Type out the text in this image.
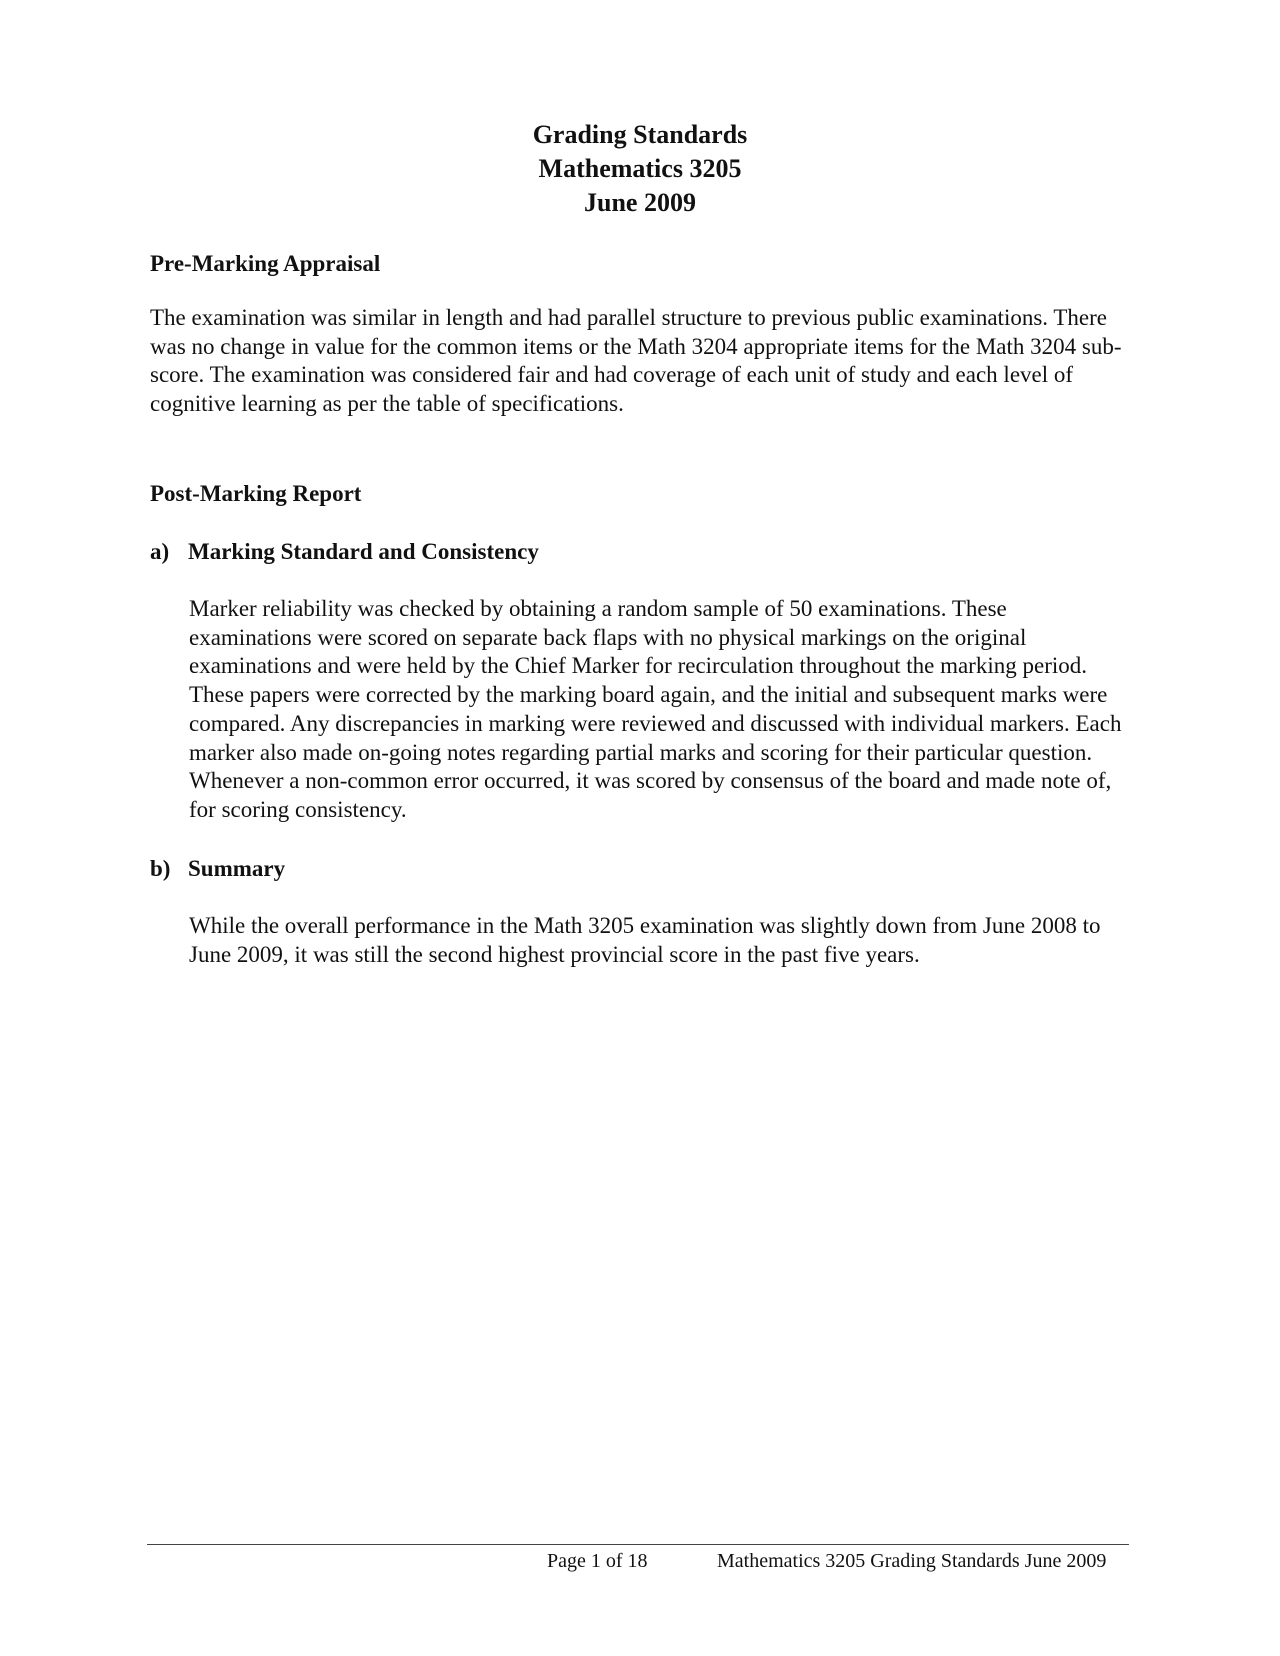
Grading Standards
Mathematics 3205
June 2009
Pre-Marking Appraisal

The examination was similar in length and had parallel structure to previous public examinations. There was no change in value for the common items or the Math 3204 appropriate items for the Math 3204 sub-score. The examination was considered fair and had coverage of each unit of study and each level of cognitive learning as per the table of specifications.

Post-Marking Report
a) Marking Standard and Consistency

Marker reliability was checked by obtaining a random sample of 50 examinations. These examinations were scored on separate back flaps with no physical markings on the original examinations and were held by the Chief Marker for recirculation throughout the marking period. These papers were corrected by the marking board again, and the initial and subsequent marks were compared. Any discrepancies in marking were reviewed and discussed with individual markers. Each marker also made on-going notes regarding partial marks and scoring for their particular question. Whenever a non-common error occurred, it was scored by consensus of the board and made note of, for scoring consistency.

b) Summary

While the overall performance in the Math 3205 examination was slightly down from June 2008 to June 2009, it was still the second highest provincial score in the past five years.

Page 1 of 18	Mathematics 3205 Grading Standards June 2009
